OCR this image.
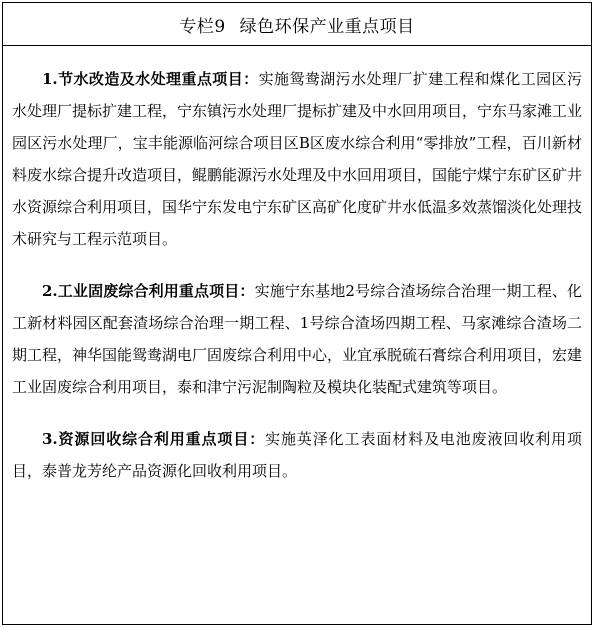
专栏9 绿色环保产业重点项目

1.节水改造及水处理重点项目：实施鸳鸯湖污水处理厂扩建工程和煤化工园区污水处理厂提标扩建工程，宁东镇污水处理厂提标扩建及中水回用项目，宁东马家滩工业园区污水处理厂，宝丰能源临河综合项目区B区废水综合利用“零排放”工程，百川新材料废水综合提升改造项目，鲲鹏能源污水处理及中水回用项目，国能宁煤宁东矿区矿井水资源综合利用项目，国华宁东发电宁东矿区高矿化度矿井水低温多效蒸馏淡化处理技术研究与工程示范项目。

2.工业固废综合利用重点项目：实施宁东基地2号综合渣场综合治理一期工程、化工新材料园区配套渣场综合治理一期工程、1号综合渣场四期工程、马家滩综合渣场二期工程，神华国能鸳鸯湖电厂固废综合利用中心，业宜承脱硫石膏综合利用项目，宏建工业固废综合利用项目，泰和津宁污泥制陶粒及模块化装配式建筑等项目。

3.资源回收综合利用重点项目：实施英泽化工表面材料及电池废液回收利用项目，泰普龙芳纶产品资源化回收利用项目。
